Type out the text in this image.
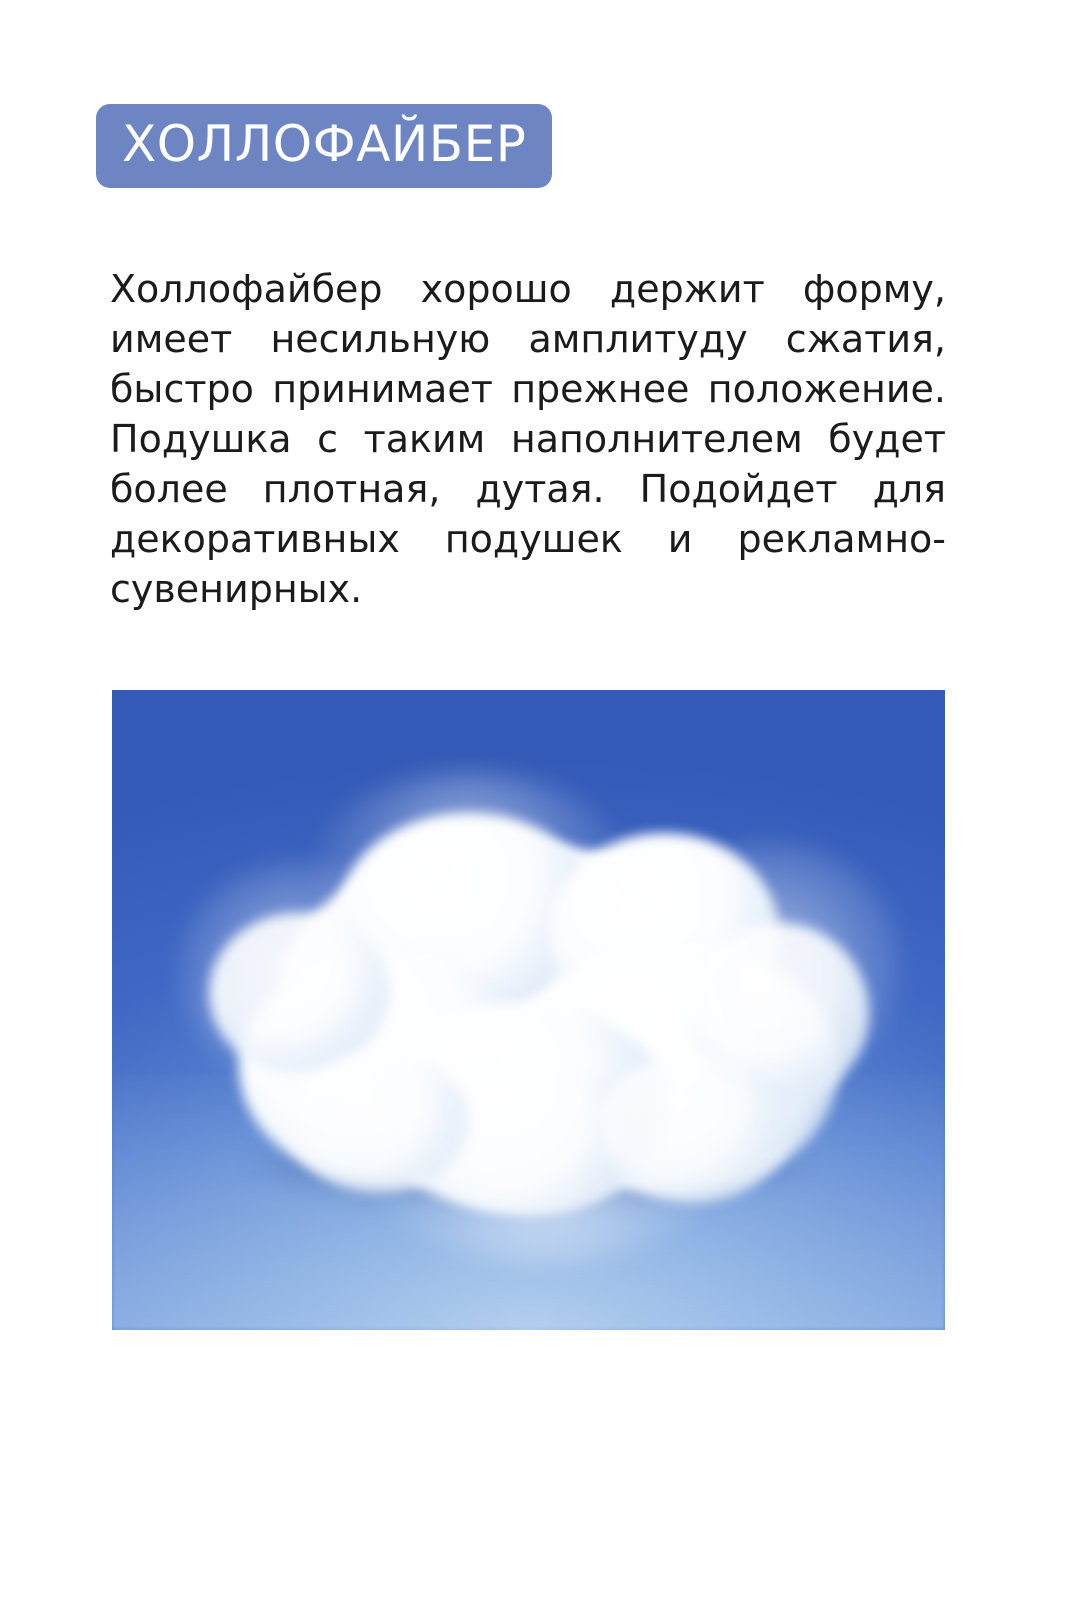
ХОЛЛОФАЙБЕР

Холлофайбер хорошо держит форму, имеет несильную амплитуду сжатия, быстро принимает прежнее положение. Подушка с таким наполнителем будет более плотная, дутая. Подойдет для декоративных подушек и рекламно-сувенирных.
